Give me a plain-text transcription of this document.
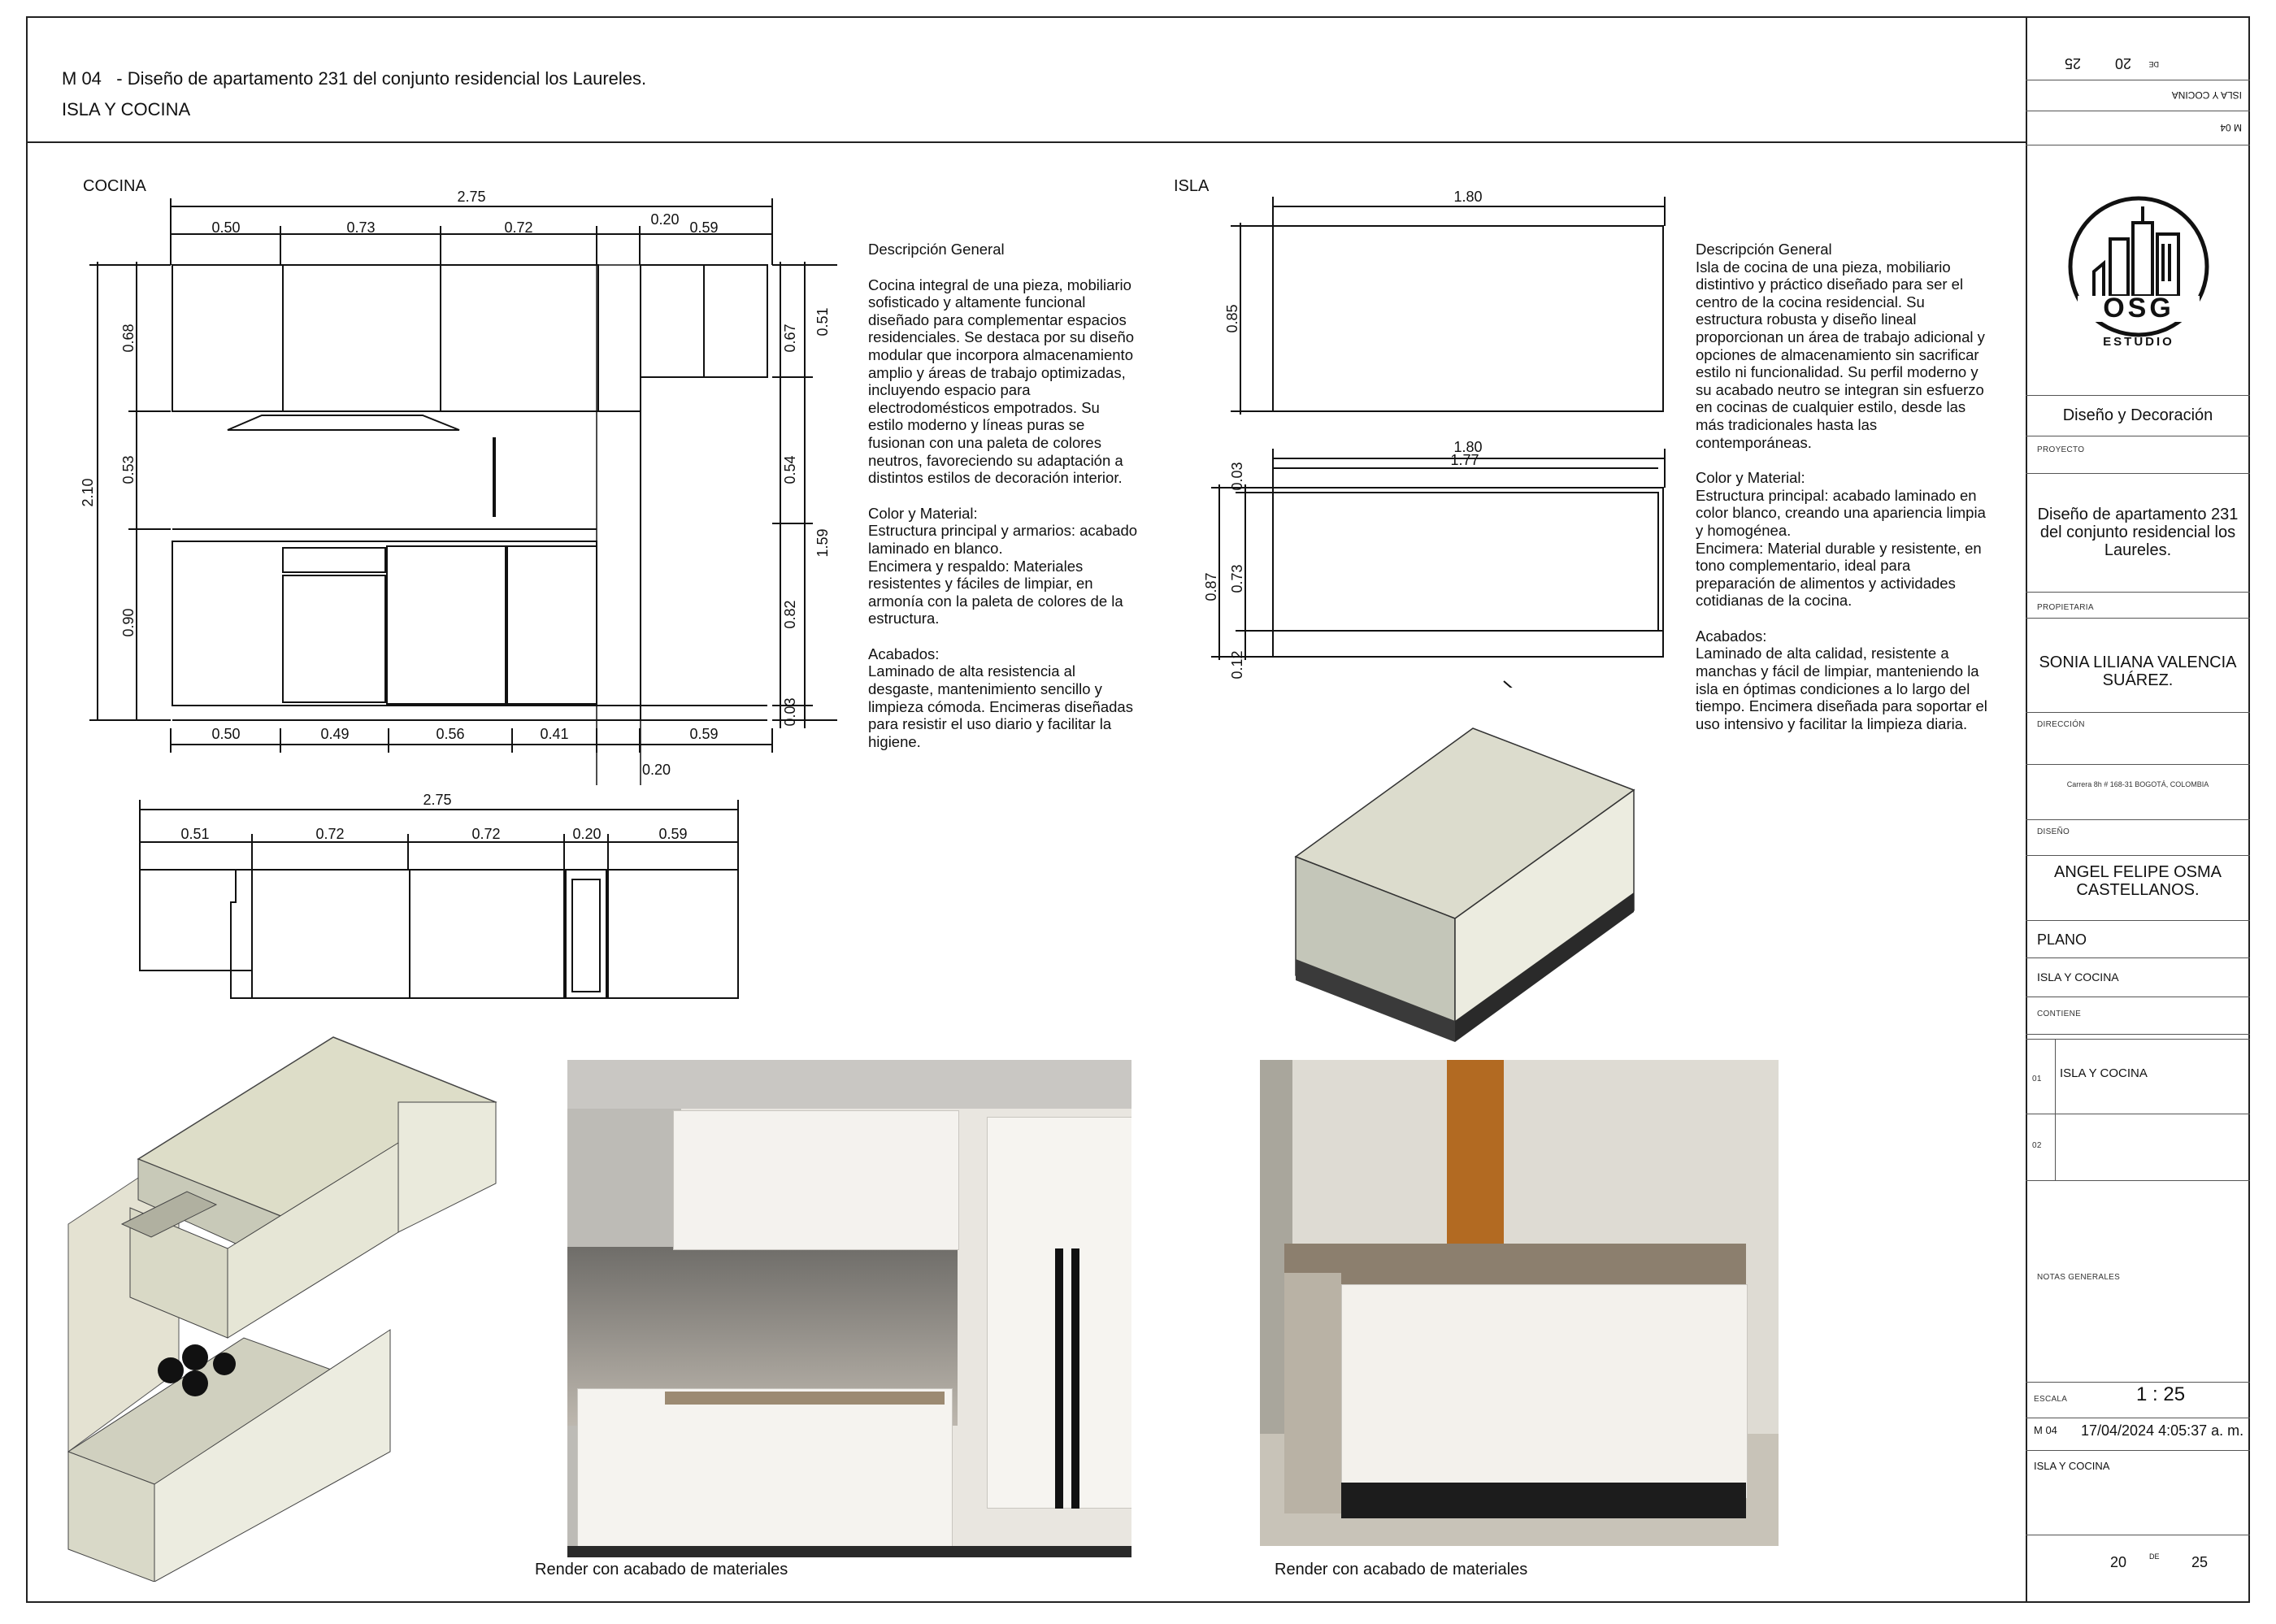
M 04 - Diseño de apartamento 231 del conjunto residencial los Laureles.
ISLA Y COCINA
20 DE
25
ISLA Y COCINA
M 04
OSG
ESTUDIO
Diseño y Decoración
PROYECTO
Diseño de apartamento 231 del conjunto residencial los Laureles.
PROPIETARIA
SONIA LILIANA VALENCIA SUÁREZ.
DIRECCIÓN
Carrera 8h # 168-31 BOGOTÁ, COLOMBIA
DISEÑO
ANGEL FELIPE OSMA CASTELLANOS.
PLANO
ISLA Y COCINA
CONTIENE
01 ISLA Y COCINA
02
NOTAS GENERALES
ESCALA	1 : 25
M 04 17/04/2024 4:05:37 a. m.
ISLA Y COCINA
20	DE 25
COCINA	ISLA
2.75
0.50	0.73	0.72	0.20 0.59
2.10
0.68
0.53
0.90
0.67
0.51
0.54
1.59
0.82
0.03
0.50	0.49	0.56	0.41	0.59
0.20
2.75
0.51	0.72	0.72	0.20	0.59
Descripción General
Cocina integral de una pieza, mobiliario
sofisticado y altamente funcional
diseñado para complementar espacios
residenciales. Se destaca por su diseño
modular que incorpora almacenamiento
amplio y áreas de trabajo optimizadas,
incluyendo espacio para
electrodomésticos empotrados. Su
estilo moderno y líneas puras se
fusionan con una paleta de colores
neutros, favoreciendo su adaptación a
distintos estilos de decoración interior.
Color y Material:
Estructura principal y armarios: acabado
laminado en blanco.
Encimera y respaldo: Materiales
resistentes y fáciles de limpiar, en
armonía con la paleta de colores de la
estructura.
Acabados:
Laminado de alta resistencia al
desgaste, mantenimiento sencillo y
limpieza cómoda. Encimeras diseñadas
para resistir el uso diario y facilitar la
higiene.
1.80
0.85
1.80
1.77
0.03
0.87 0.73
0.12
Descripción General
Isla de cocina de una pieza, mobiliario
distintivo y práctico diseñado para ser el
centro de la cocina residencial. Su
estructura robusta y diseño lineal
proporcionan un área de trabajo adicional y
opciones de almacenamiento sin sacrificar
estilo ni funcionalidad. Su perfil moderno y
su acabado neutro se integran sin esfuerzo
en cocinas de cualquier estilo, desde las
más tradicionales hasta las
contemporáneas.
Color y Material:
Estructura principal: acabado laminado en
color blanco, creando una apariencia limpia
y homogénea.
Encimera: Material durable y resistente, en
tono complementario, ideal para
preparación de alimentos y actividades
cotidianas de la cocina.
Acabados:
Laminado de alta calidad, resistente a
manchas y fácil de limpiar, manteniendo la
isla en óptimas condiciones a lo largo del
tiempo. Encimera diseñada para soportar el
uso intensivo y facilitar la limpieza diaria.
Render con acabado de materiales	Render con acabado de materiales
